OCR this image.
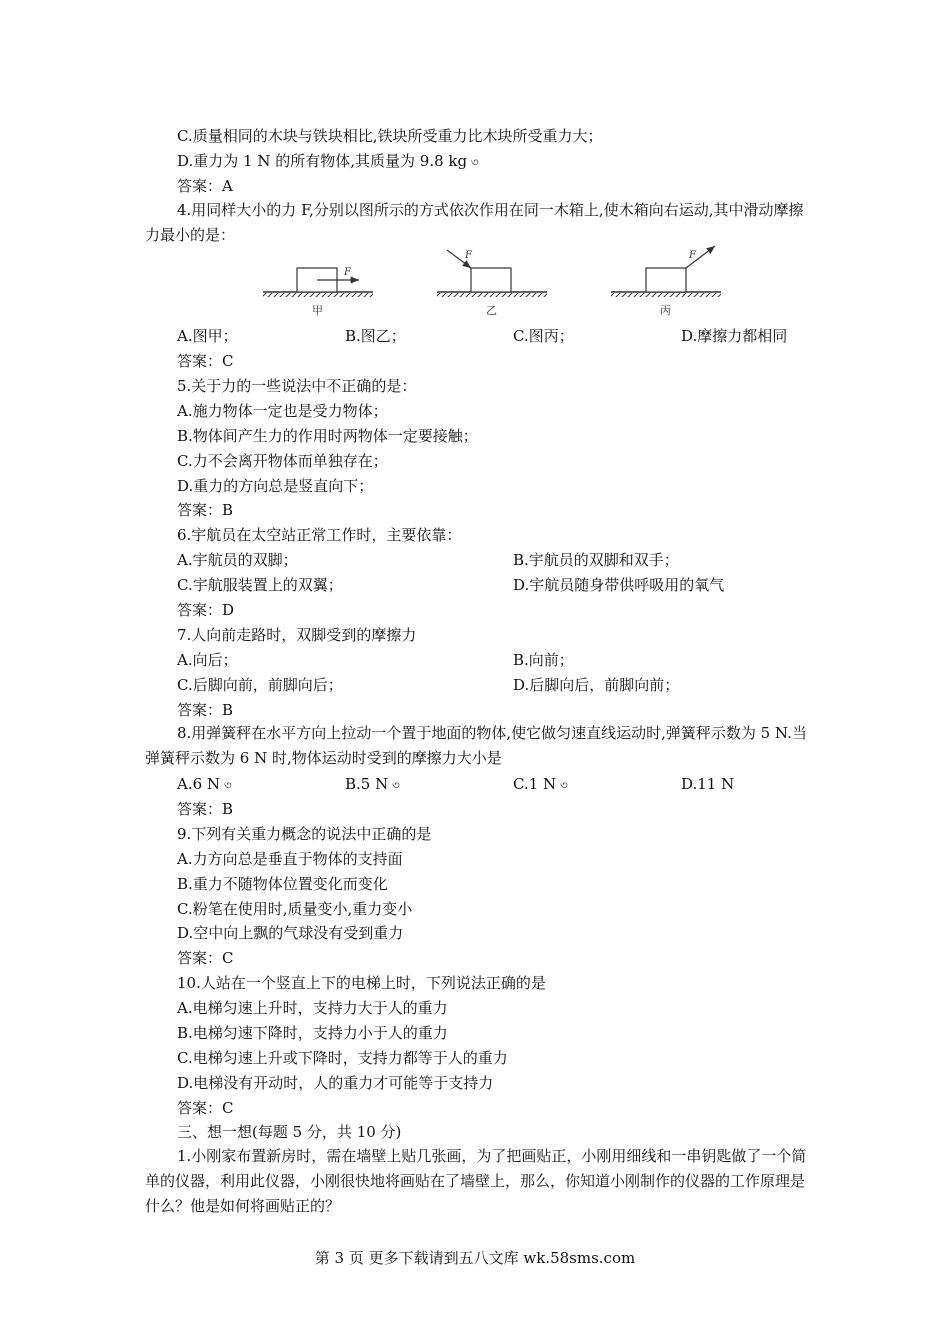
C.质量相同的木块与铁块相比,铁块所受重力比木块所受重力大；
D.重力为 1 N 的所有物体,其质量为 9.8 kg ৩
答案：A
4.用同样大小的力 F,分别以图所示的方式依次作用在同一木箱上,使木箱向右运动,其中滑动摩擦力最小的是：
F
甲
F
乙
F
丙
A.图甲；	B.图乙；	C.图丙；	D.摩擦力都相同
答案：C
5.关于力的一些说法中不正确的是：
A.施力物体一定也是受力物体；
B.物体间产生力的作用时两物体一定要接触；
C.力不会离开物体而单独存在；
D.重力的方向总是竖直向下；
答案：B
6.宇航员在太空站正常工作时，主要依靠：
A.宇航员的双脚；	B.宇航员的双脚和双手；
C.宇航服装置上的双翼；	D.宇航员随身带供呼吸用的氧气
答案：D
7.人向前走路时，双脚受到的摩擦力
A.向后；	B.向前；
C.后脚向前，前脚向后；	D.后脚向后，前脚向前；
答案：B
8.用弹簧秤在水平方向上拉动一个置于地面的物体,使它做匀速直线运动时,弹簧秤示数为 5 N.当弹簧秤示数为 6 N 时,物体运动时受到的摩擦力大小是
A.6 N ৩	B.5 N ৩	C.1 N ৩	D.11 N
答案：B
9.下列有关重力概念的说法中正确的是
A.力方向总是垂直于物体的支持面
B.重力不随物体位置变化而变化
C.粉笔在使用时,质量变小,重力变小
D.空中向上飘的气球没有受到重力
答案：C
10.人站在一个竖直上下的电梯上时，下列说法正确的是
A.电梯匀速上升时，支持力大于人的重力
B.电梯匀速下降时，支持力小于人的重力
C.电梯匀速上升或下降时，支持力都等于人的重力
D.电梯没有开动时，人的重力才可能等于支持力
答案：C
三、想一想(每题 5 分，共 10 分)
1.小刚家布置新房时，需在墙壁上贴几张画，为了把画贴正，小刚用细线和一串钥匙做了一个简单的仪器，利用此仪器，小刚很快地将画贴在了墙壁上，那么，你知道小刚制作的仪器的工作原理是什么？他是如何将画贴正的？
第 3 页 更多下载请到五八文库 wk.58sms.com
